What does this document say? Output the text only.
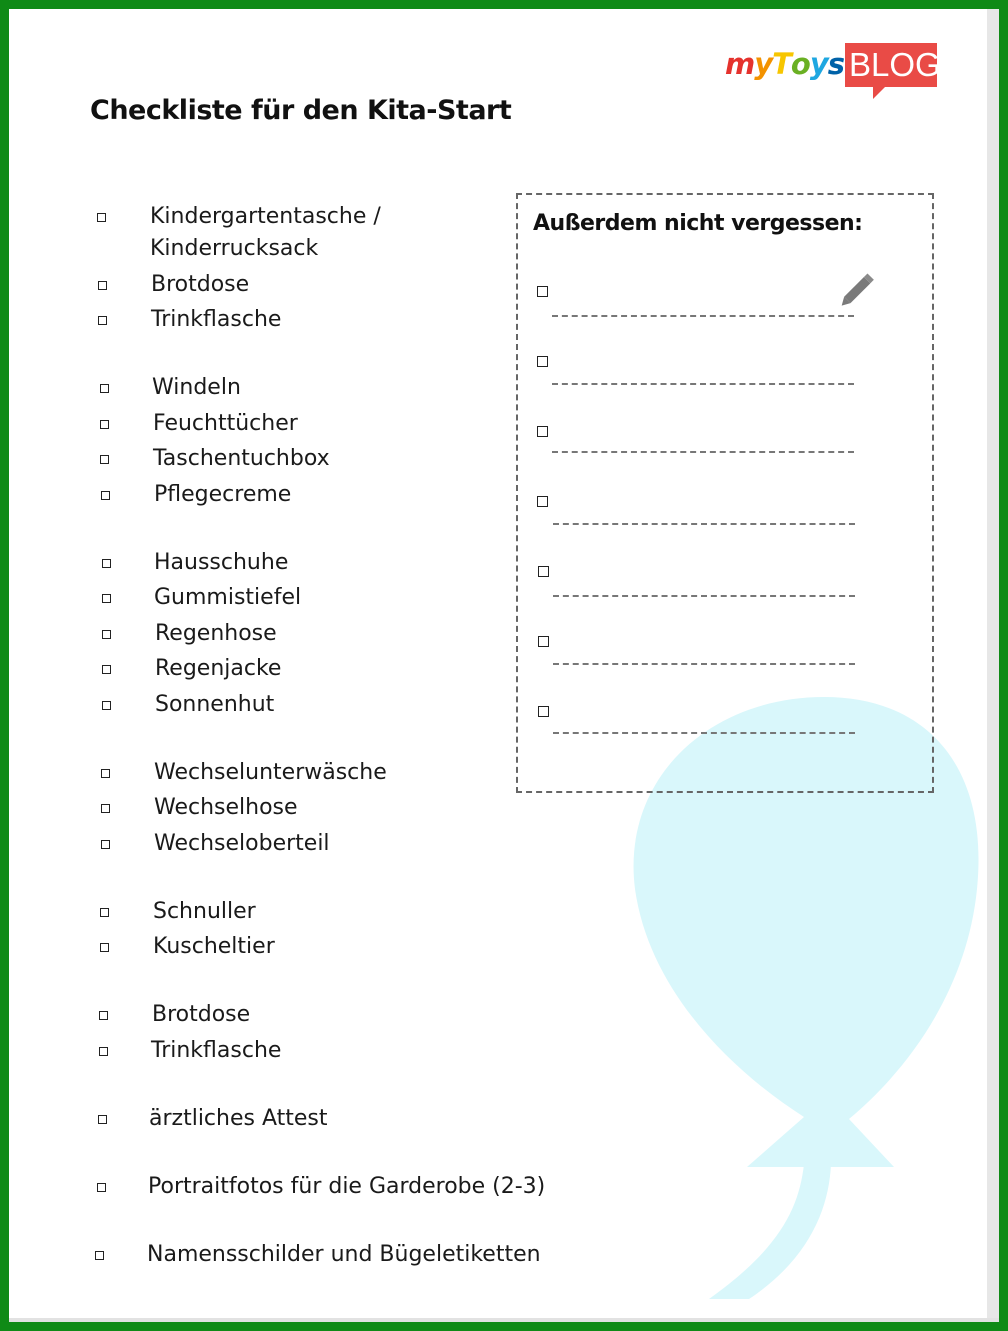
myToys BLOG
Checkliste für den Kita-Start
Kindergartentasche /
Kinderrucksack
Brotdose
Trinkflasche
Windeln
Feuchttücher
Taschentuchbox
Pflegecreme
Hausschuhe
Gummistiefel
Regenhose
Regenjacke
Sonnenhut
Wechselunterwäsche
Wechselhose
Wechseloberteil
Schnuller
Kuscheltier
Brotdose
Trinkflasche
ärztliches Attest
Portraitfotos für die Garderobe (2-3)
Namensschilder und Bügeletiketten
Außerdem nicht vergessen:
